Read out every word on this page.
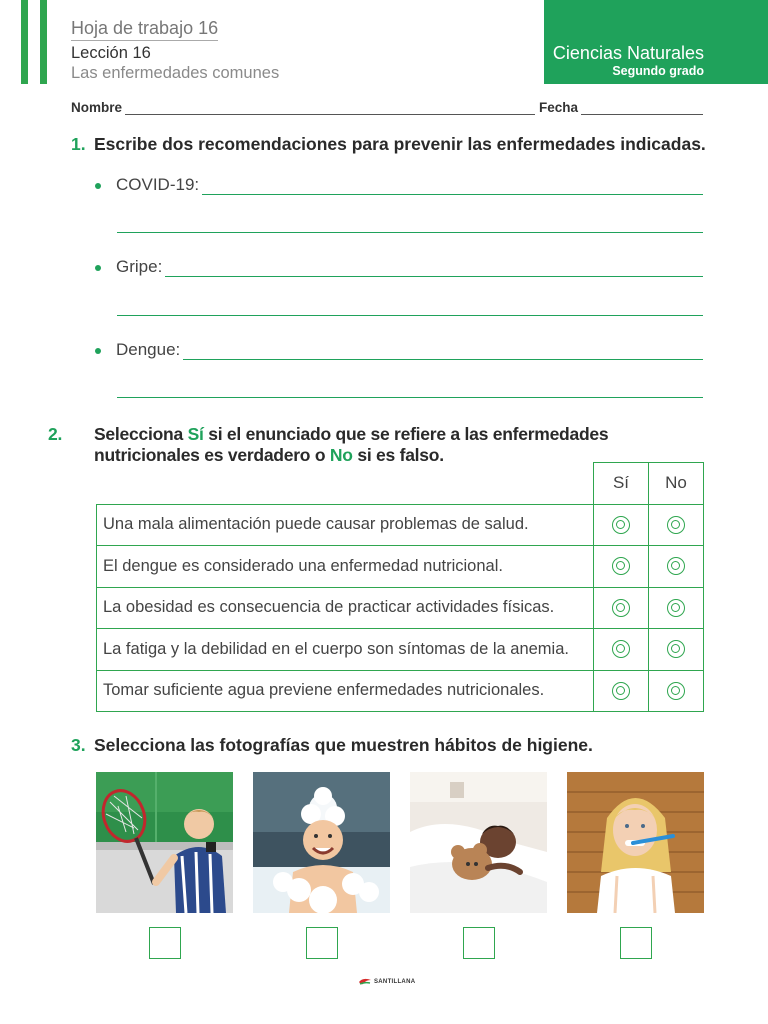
Hoja de trabajo 16
Lección 16
Las enfermedades comunes
Ciencias Naturales
Segundo grado
Nombre	Fecha
1. Escribe dos recomendaciones para prevenir las enfermedades indicadas.
COVID-19:
Gripe:
Dengue:
2. Selecciona Sí si el enunciado que se refiere a las enfermedades nutricionales es verdadero o No si es falso.
	Sí	No
Una mala alimentación puede causar problemas de salud.		
El dengue es considerado una enfermedad nutricional.		
La obesidad es consecuencia de practicar actividades físicas.		
La fatiga y la debilidad en el cuerpo son síntomas de la anemia.		
Tomar suficiente agua previene enfermedades nutricionales.		
3. Selecciona las fotografías que muestren hábitos de higiene.
SANTILLANA
